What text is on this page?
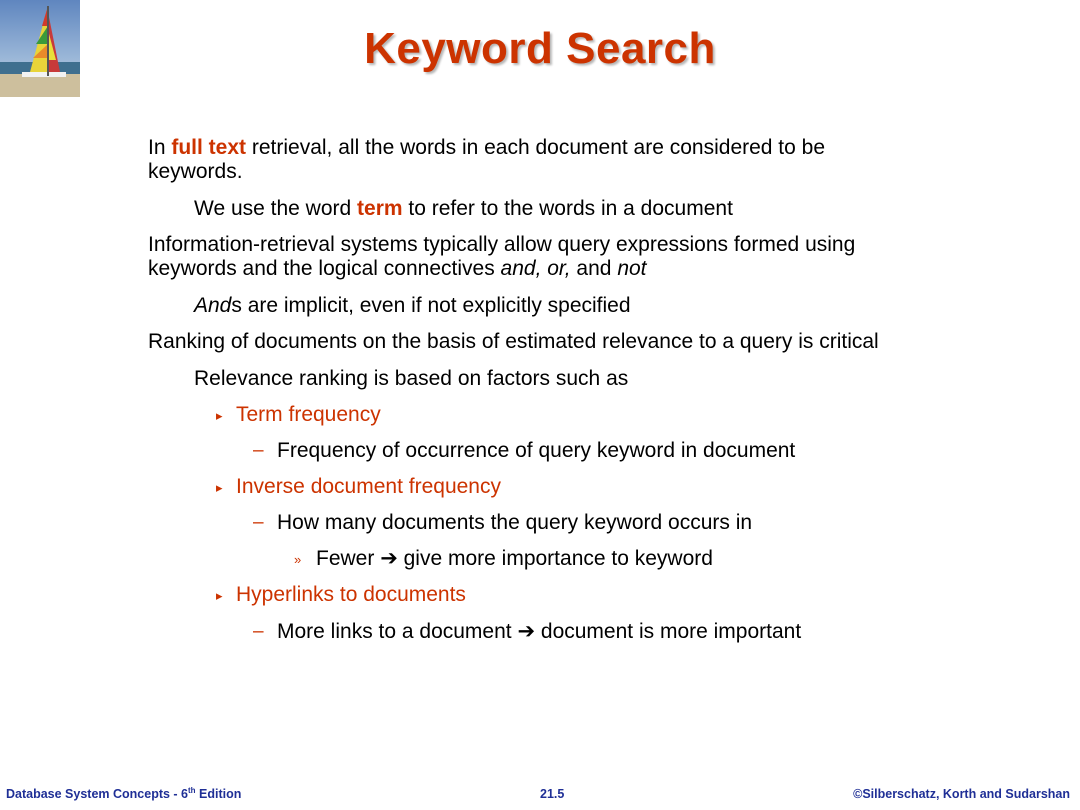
Keyword Search
In full text retrieval, all the words in each document are considered to be
keywords.
We use the word term to refer to the words in a document
Information-retrieval systems typically allow query expressions formed using
keywords and the logical connectives and, or, and not
Ands are implicit, even if not explicitly specified
Ranking of documents on the basis of estimated relevance to a query is critical
Relevance ranking is based on factors such as
▸ Term frequency
– Frequency of occurrence of query keyword in document
▸ Inverse document frequency
– How many documents the query keyword occurs in
» Fewer ➔ give more importance to keyword
▸ Hyperlinks to documents
– More links to a document ➔ document is more important
Database System Concepts - 6th Edition	21.5	©Silberschatz, Korth and Sudarshan
